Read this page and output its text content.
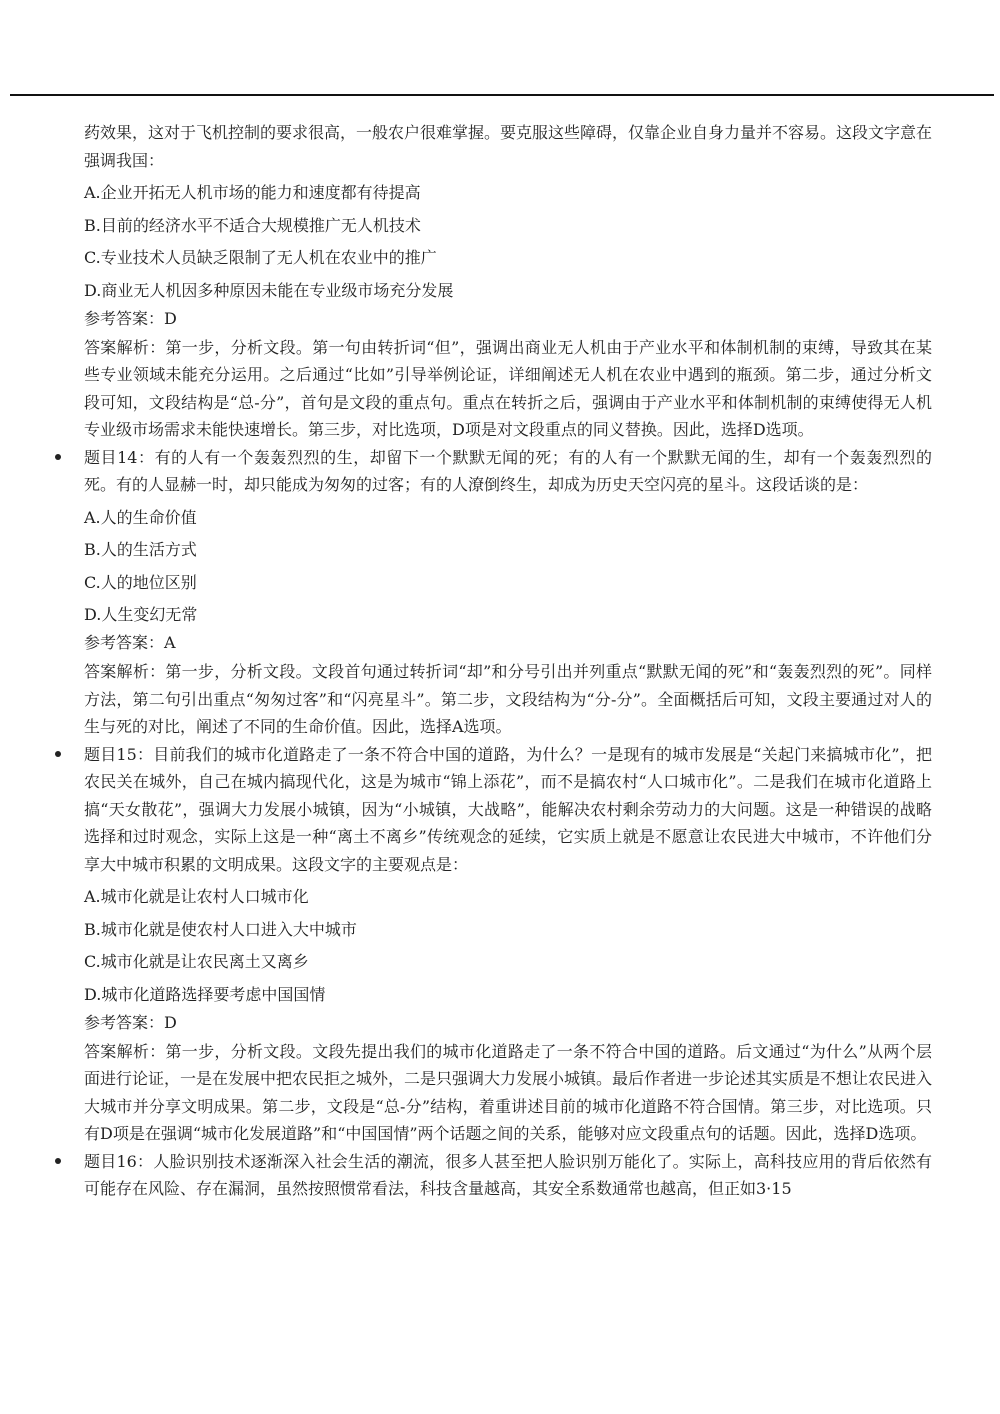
药效果，这对于飞机控制的要求很高，一般农户很难掌握。要克服这些障碍，仅靠企业自身力量并不容易。这段文字意在强调我国：

A.企业开拓无人机市场的能力和速度都有待提高

B.目前的经济水平不适合大规模推广无人机技术

C.专业技术人员缺乏限制了无人机在农业中的推广

D.商业无人机因多种原因未能在专业级市场充分发展

参考答案：D

答案解析：第一步，分析文段。第一句由转折词“但”，强调出商业无人机由于产业水平和体制机制的束缚，导致其在某些专业领域未能充分运用。之后通过“比如”引导举例论证，详细阐述无人机在农业中遇到的瓶颈。第二步，通过分析文段可知，文段结构是“总-分”，首句是文段的重点句。重点在转折之后，强调由于产业水平和体制机制的束缚使得无人机专业级市场需求未能快速增长。第三步，对比选项，D项是对文段重点的同义替换。因此，选择D选项。

题目14：有的人有一个轰轰烈烈的生，却留下一个默默无闻的死；有的人有一个默默无闻的生，却有一个轰轰烈烈的死。有的人显赫一时，却只能成为匆匆的过客；有的人潦倒终生，却成为历史天空闪亮的星斗。这段话谈的是：

A.人的生命价值

B.人的生活方式

C.人的地位区别

D.人生变幻无常

参考答案：A

答案解析：第一步，分析文段。文段首句通过转折词“却”和分号引出并列重点“默默无闻的死”和“轰轰烈烈的死”。同样方法，第二句引出重点“匆匆过客”和“闪亮星斗”。第二步，文段结构为“分-分”。全面概括后可知，文段主要通过对人的生与死的对比，阐述了不同的生命价值。因此，选择A选项。

题目15：目前我们的城市化道路走了一条不符合中国的道路，为什么？一是现有的城市发展是“关起门来搞城市化”，把农民关在城外，自己在城内搞现代化，这是为城市“锦上添花”，而不是搞农村“人口城市化”。二是我们在城市化道路上搞“天女散花”，强调大力发展小城镇，因为“小城镇，大战略”，能解决农村剩余劳动力的大问题。这是一种错误的战略选择和过时观念，实际上这是一种“离土不离乡”传统观念的延续，它实质上就是不愿意让农民进大中城市，不许他们分享大中城市积累的文明成果。这段文字的主要观点是：

A.城市化就是让农村人口城市化

B.城市化就是使农村人口进入大中城市

C.城市化就是让农民离土又离乡

D.城市化道路选择要考虑中国国情

参考答案：D

答案解析：第一步，分析文段。文段先提出我们的城市化道路走了一条不符合中国的道路。后文通过“为什么”从两个层面进行论证，一是在发展中把农民拒之城外，二是只强调大力发展小城镇。最后作者进一步论述其实质是不想让农民进入大城市并分享文明成果。第二步，文段是“总-分”结构，着重讲述目前的城市化道路不符合国情。第三步，对比选项。只有D项是在强调“城市化发展道路”和“中国国情”两个话题之间的关系，能够对应文段重点句的话题。因此，选择D选项。

题目16：人脸识别技术逐渐深入社会生活的潮流，很多人甚至把人脸识别万能化了。实际上，高科技应用的背后依然有可能存在风险、存在漏洞，虽然按照惯常看法，科技含量越高，其安全系数通常也越高，但正如3·15
